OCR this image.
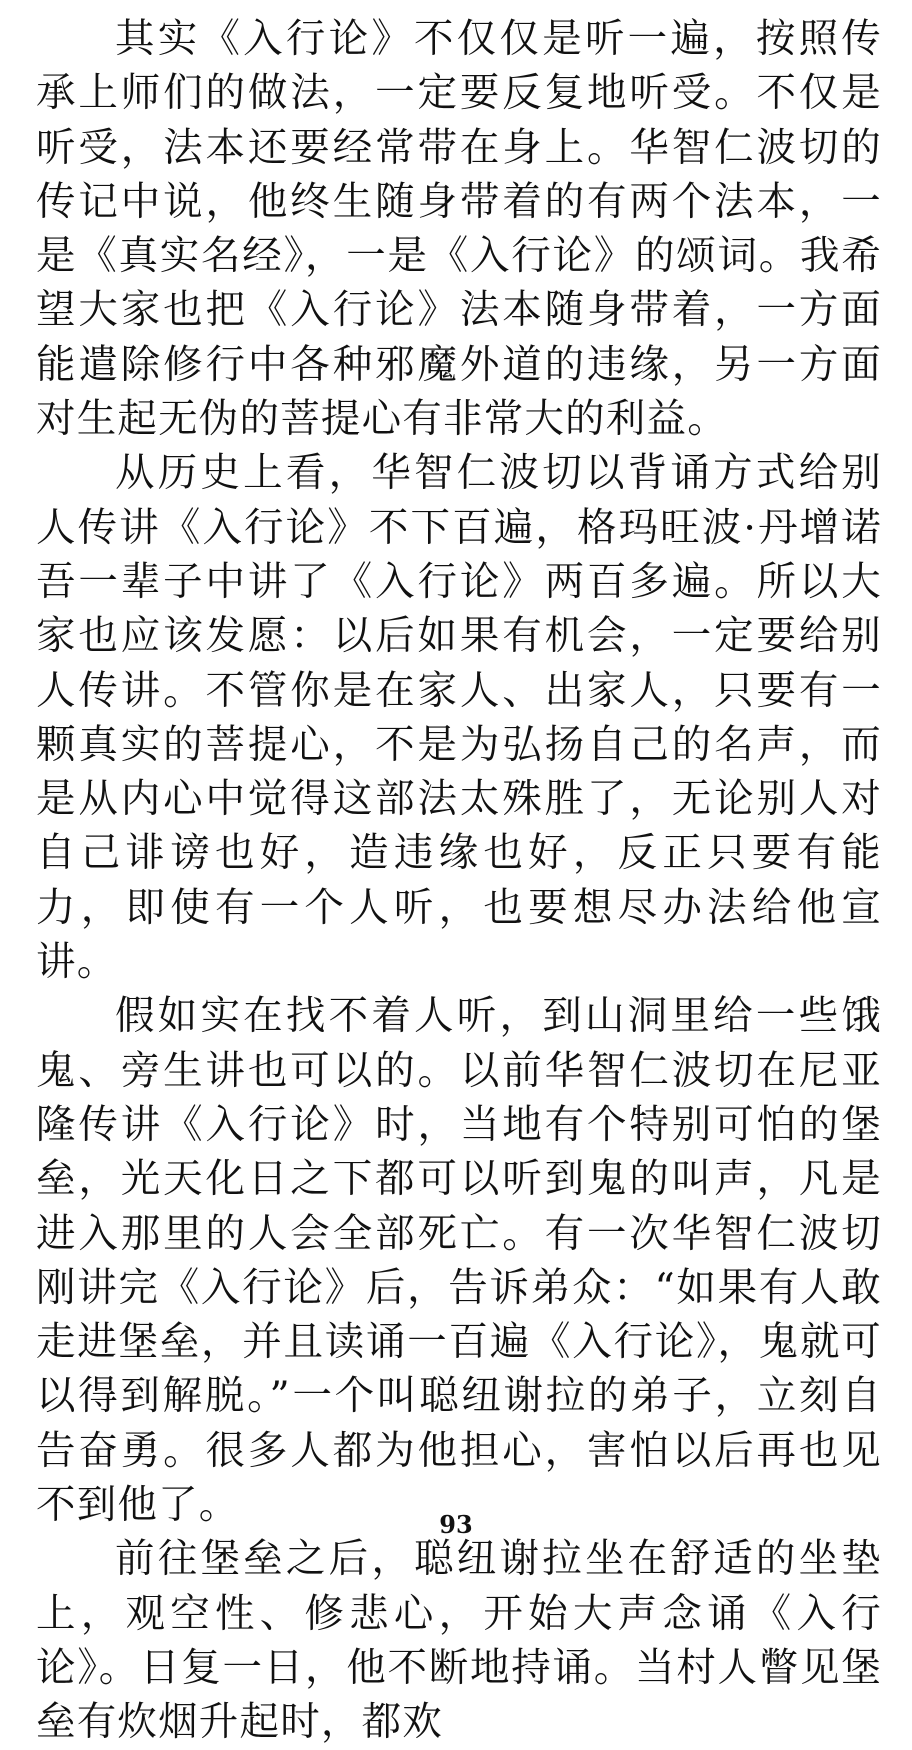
其实《入行论》不仅仅是听一遍，按照传承上师们的做法，一定要反复地听受。不仅是听受，法本还要经常带在身上。华智仁波切的传记中说，他终生随身带着的有两个法本，一是《真实名经》，一是《入行论》的颂词。我希望大家也把《入行论》法本随身带着，一方面能遣除修行中各种邪魔外道的违缘，另一方面对生起无伪的菩提心有非常大的利益。

从历史上看，华智仁波切以背诵方式给别人传讲《入行论》不下百遍，格玛旺波·丹增诺吾一辈子中讲了《入行论》两百多遍。所以大家也应该发愿：以后如果有机会，一定要给别人传讲。不管你是在家人、出家人，只要有一颗真实的菩提心，不是为弘扬自己的名声，而是从内心中觉得这部法太殊胜了，无论别人对自己诽谤也好，造违缘也好，反正只要有能力，即使有一个人听，也要想尽办法给他宣讲。

假如实在找不着人听，到山洞里给一些饿鬼、旁生讲也可以的。以前华智仁波切在尼亚隆传讲《入行论》时，当地有个特别可怕的堡垒，光天化日之下都可以听到鬼的叫声，凡是进入那里的人会全部死亡。有一次华智仁波切刚讲完《入行论》后，告诉弟众：“如果有人敢走进堡垒，并且读诵一百遍《入行论》，鬼就可以得到解脱。”一个叫聪纽谢拉的弟子，立刻自告奋勇。很多人都为他担心，害怕以后再也见不到他了。

前往堡垒之后，聪纽谢拉坐在舒适的坐垫上，观空性、修悲心，开始大声念诵《入行论》。日复一日，他不断地持诵。当村人瞥见堡垒有炊烟升起时，都欢

93
